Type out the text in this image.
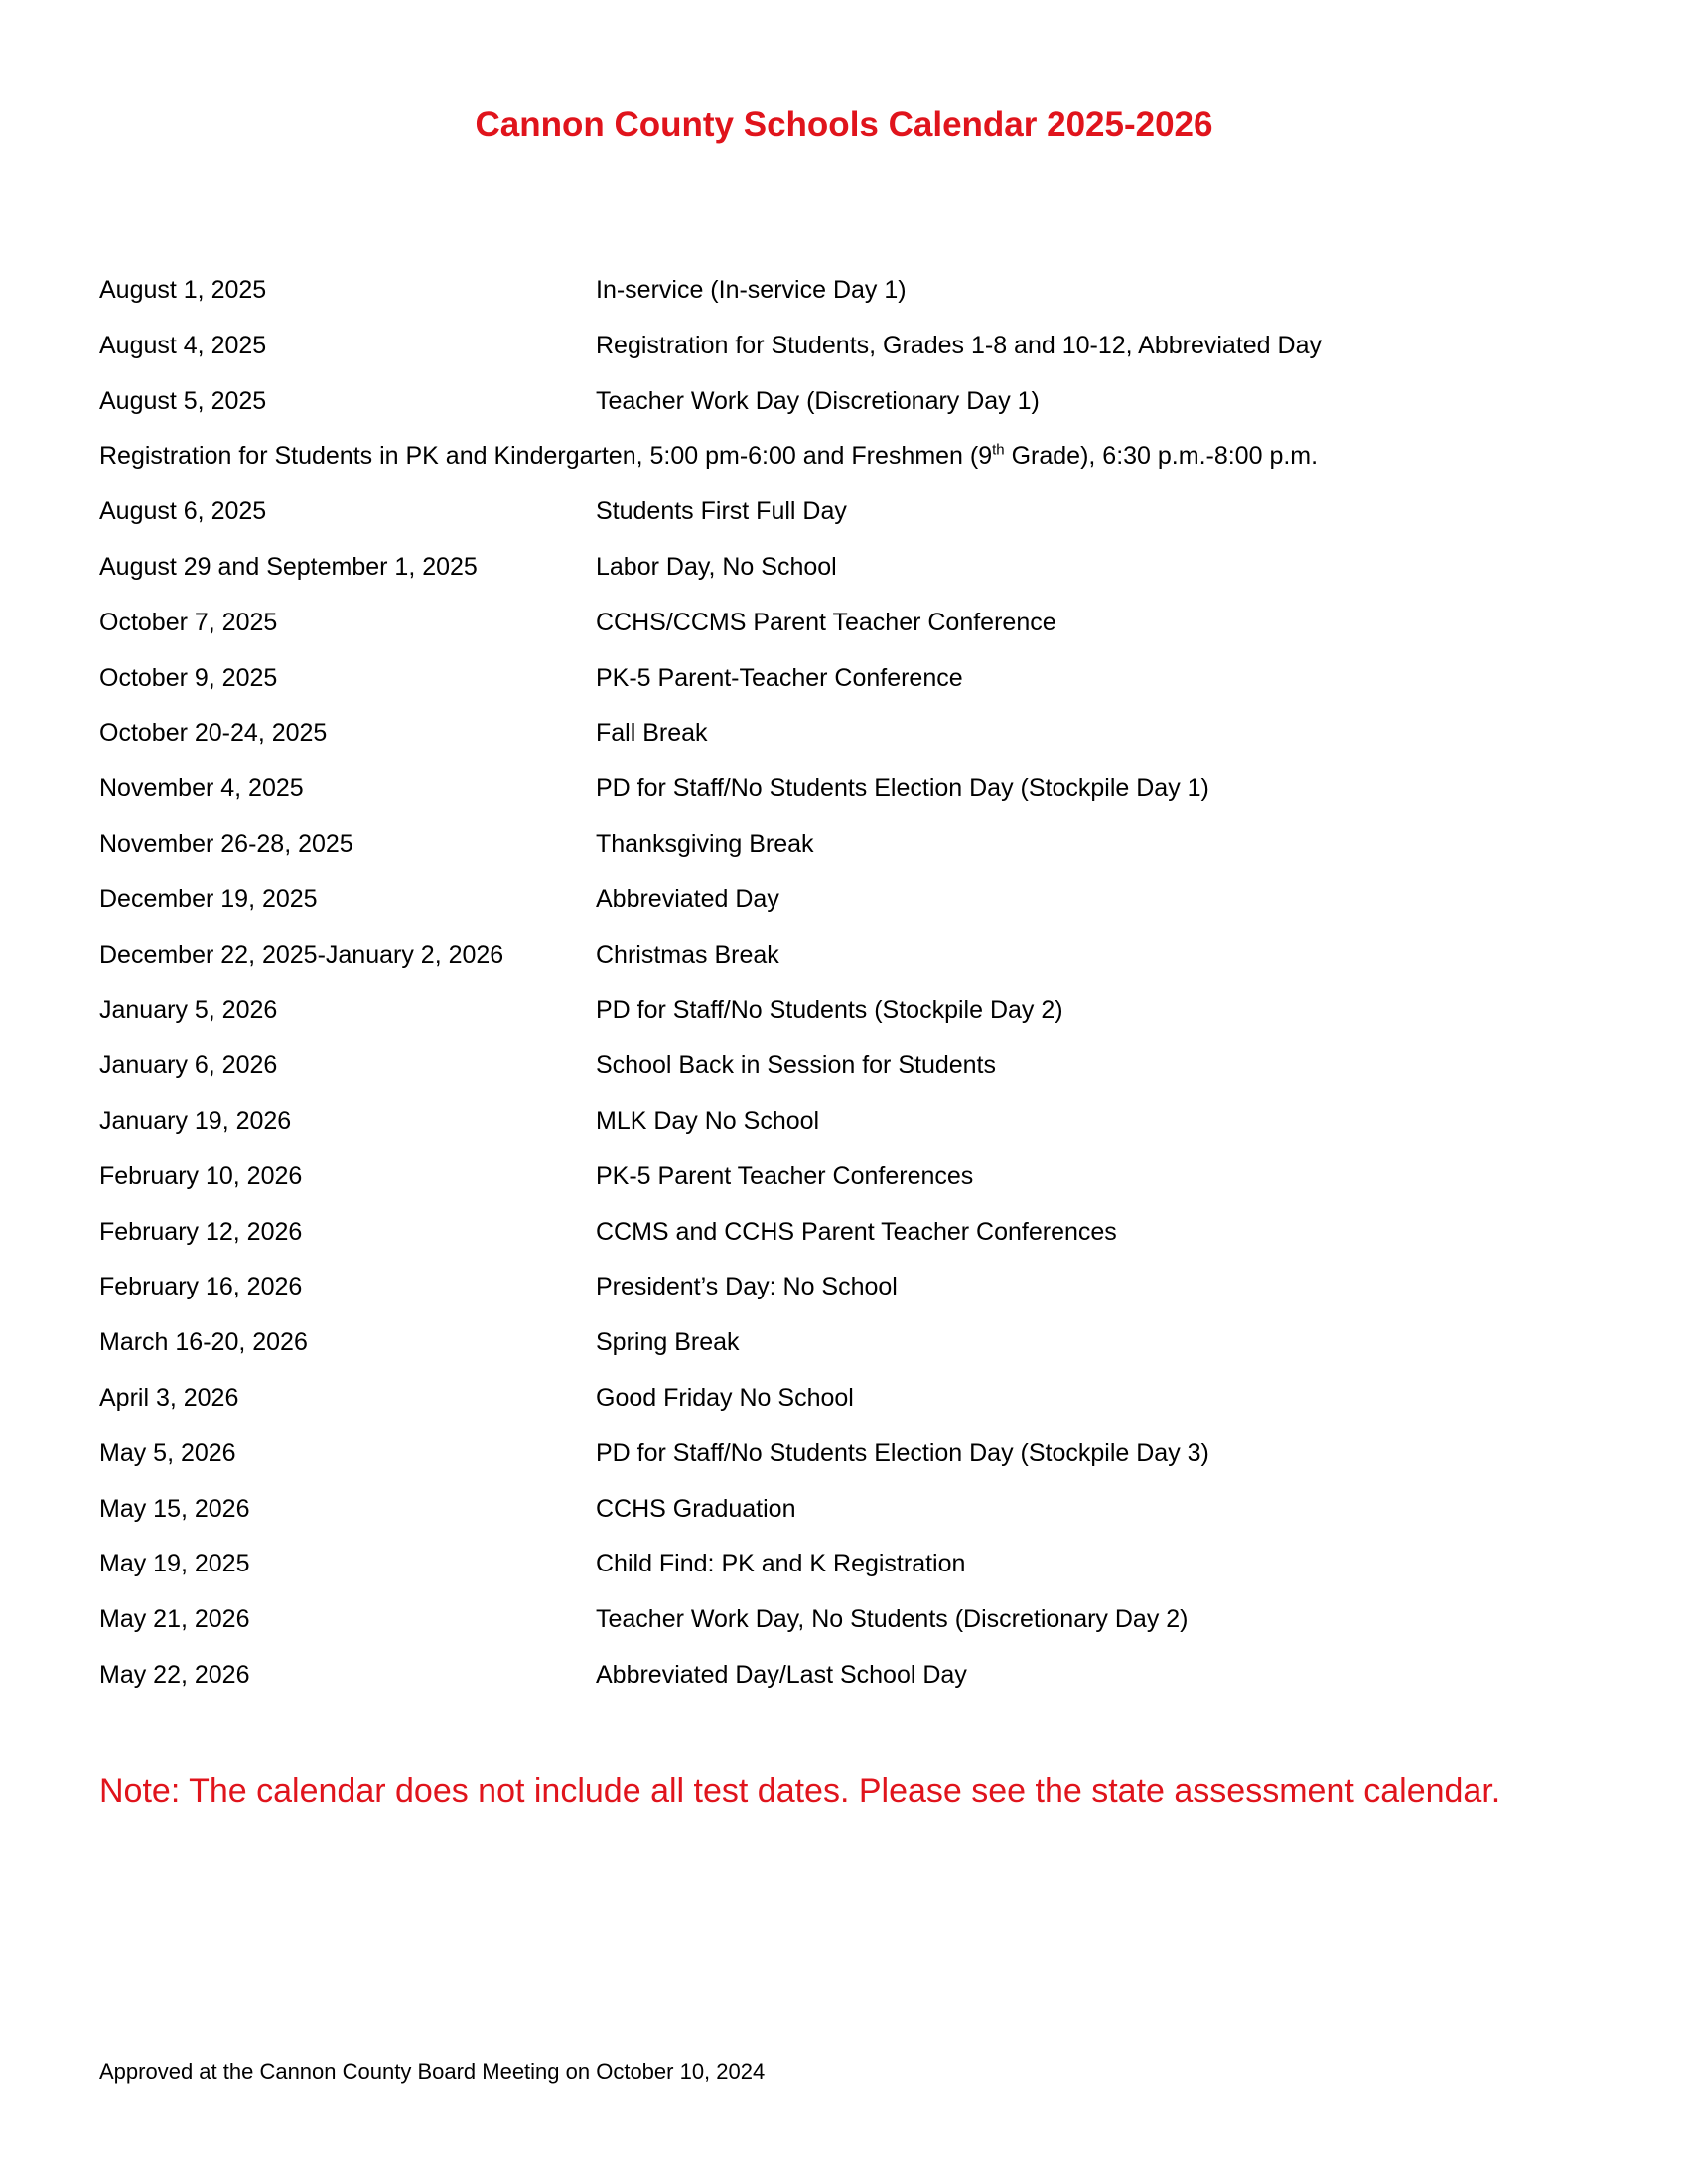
Cannon County Schools Calendar 2025-2026
August 1, 2025	In-service (In-service Day 1)
August 4, 2025	Registration for Students, Grades 1-8 and 10-12, Abbreviated Day
August 5, 2025	Teacher Work Day (Discretionary Day 1)
Registration for Students in PK and Kindergarten, 5:00 pm-6:00 and Freshmen (9th Grade), 6:30 p.m.-8:00 p.m.
August 6, 2025	Students First Full Day
August 29 and September 1, 2025	Labor Day, No School
October 7, 2025	CCHS/CCMS Parent Teacher Conference
October 9, 2025	PK-5 Parent-Teacher Conference
October 20-24, 2025	Fall Break
November 4, 2025	PD for Staff/No Students Election Day (Stockpile Day 1)
November 26-28, 2025	Thanksgiving Break
December 19, 2025	Abbreviated Day
December 22, 2025-January 2, 2026	Christmas Break
January 5, 2026	PD for Staff/No Students (Stockpile Day 2)
January 6, 2026	School Back in Session for Students
January 19, 2026	MLK Day No School
February 10, 2026	PK-5 Parent Teacher Conferences
February 12, 2026	CCMS and CCHS Parent Teacher Conferences
February 16, 2026	President’s Day: No School
March 16-20, 2026	Spring Break
April 3, 2026	Good Friday No School
May 5, 2026	PD for Staff/No Students Election Day (Stockpile Day 3)
May 15, 2026	CCHS Graduation
May 19, 2025	Child Find: PK and K Registration
May 21, 2026	Teacher Work Day, No Students (Discretionary Day 2)
May 22, 2026	Abbreviated Day/Last School Day
Note: The calendar does not include all test dates. Please see the state assessment calendar.
Approved at the Cannon County Board Meeting on October 10, 2024
